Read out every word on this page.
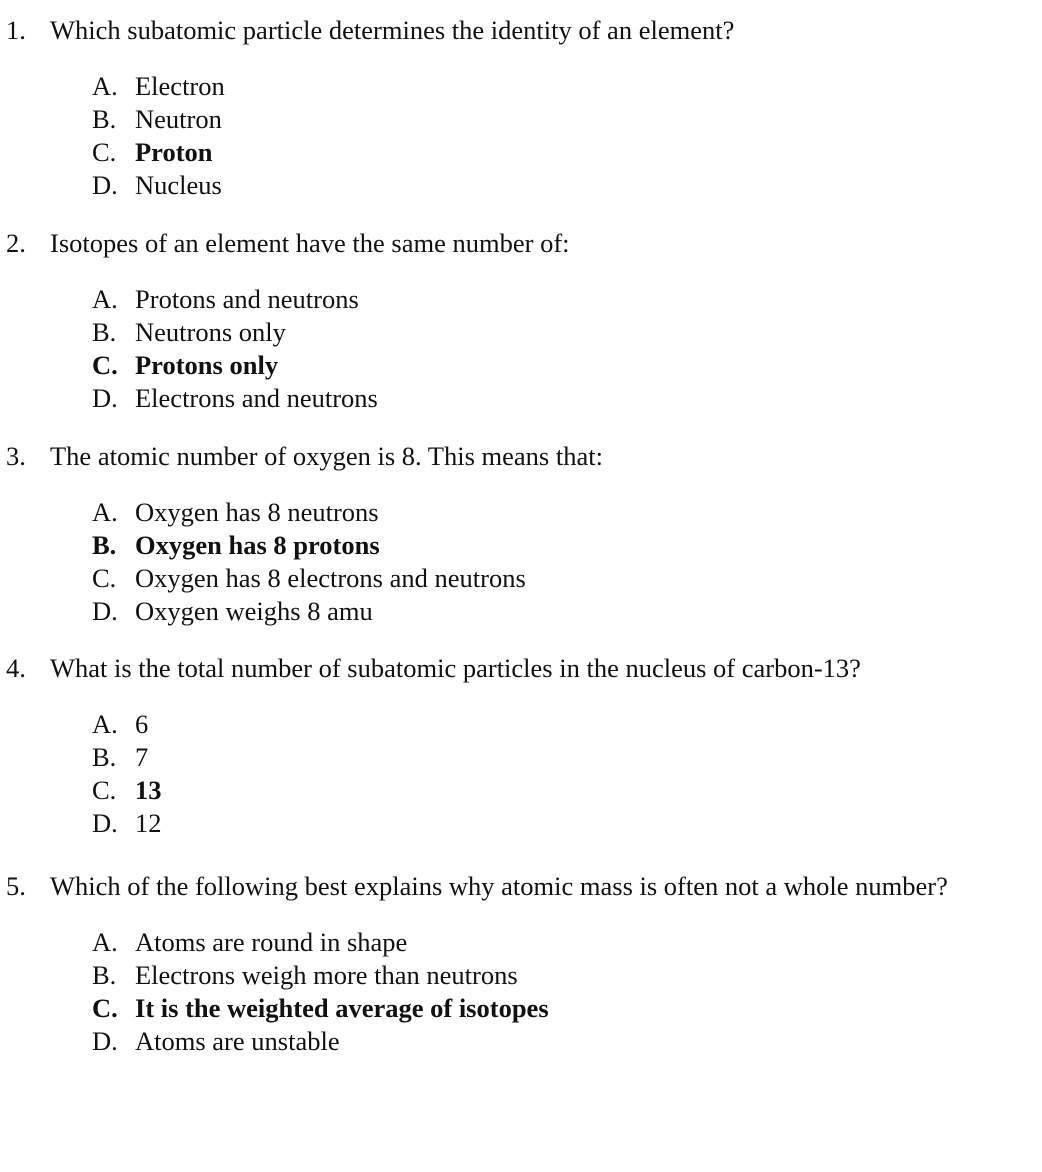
1. Which subatomic particle determines the identity of an element?
A. Electron
B. Neutron
C. Proton
D. Nucleus
2. Isotopes of an element have the same number of:
A. Protons and neutrons
B. Neutrons only
C. Protons only
D. Electrons and neutrons
3. The atomic number of oxygen is 8. This means that:
A. Oxygen has 8 neutrons
B. Oxygen has 8 protons
C. Oxygen has 8 electrons and neutrons
D. Oxygen weighs 8 amu
4. What is the total number of subatomic particles in the nucleus of carbon-13?
A. 6
B. 7
C. 13
D. 12
5. Which of the following best explains why atomic mass is often not a whole number?
A. Atoms are round in shape
B. Electrons weigh more than neutrons
C. It is the weighted average of isotopes
D. Atoms are unstable
